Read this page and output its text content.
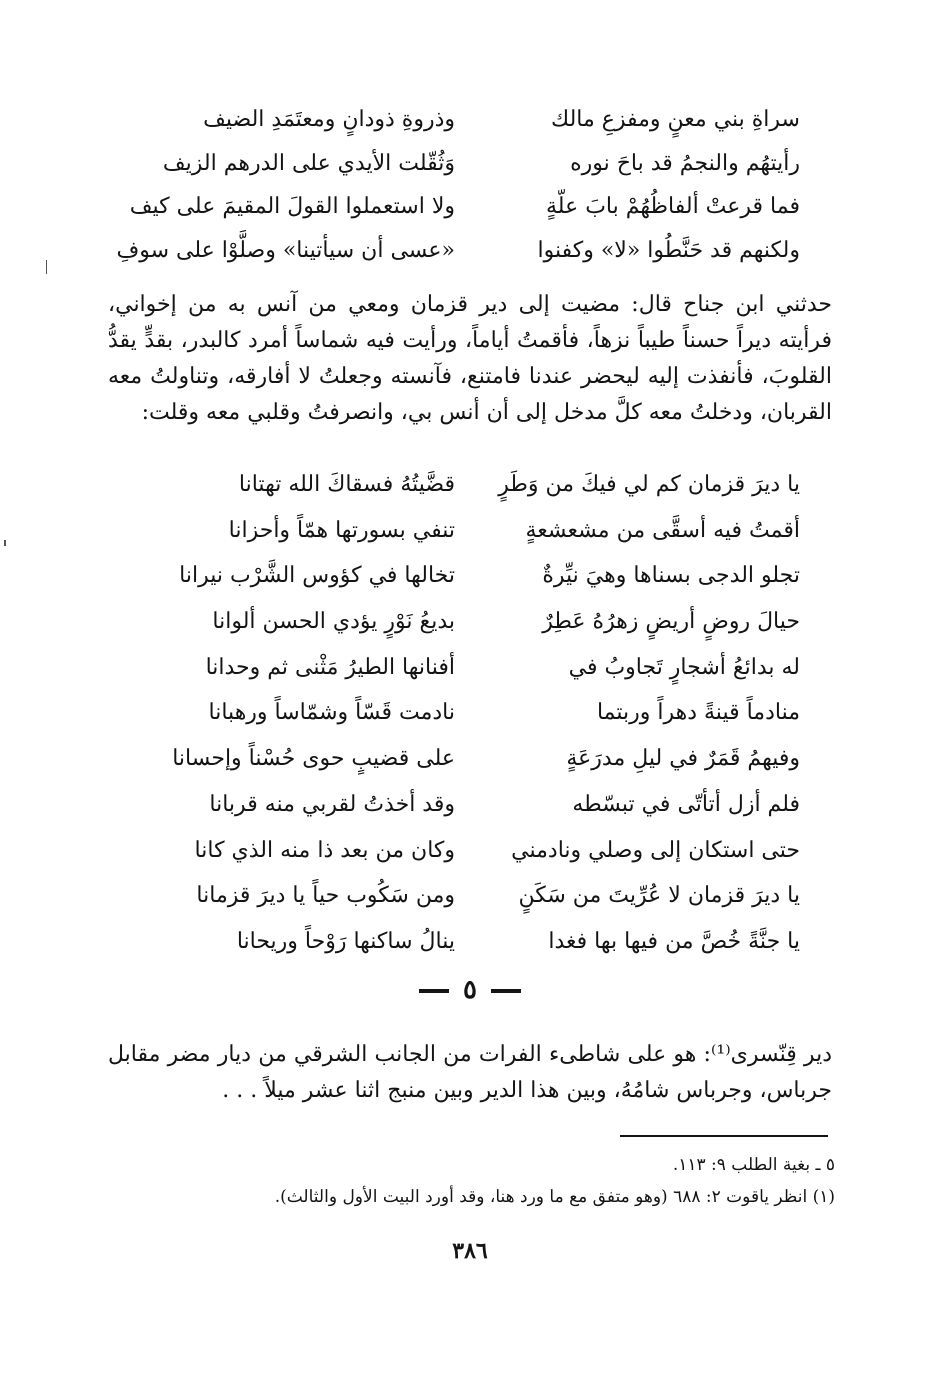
سراةِ بني معنٍ ومفزعِ مالك
وذروةِ ذودانٍ ومعتَمَدِ الضيف
رأيتهُم والنجمُ قد باحَ نوره
وَثُقّلت الأيدي على الدرهم الزيف
فما قرعتْ ألفاظُهُمْ بابَ علّةٍ
ولا استعملوا القولَ المقيمَ على كيف
ولكنهم قد حَنَّطُوا «لا» وكفنوا
«عسى أن سيأتينا» وصلَّوْا على سوفِ

حدثني ابن جناح قال: مضيت إلى دير قزمان ومعي من آنس به من إخواني، فرأيته ديراً حسناً طيباً نزهاً، فأقمتُ أياماً، ورأيت فيه شماساً أمرد كالبدر، بقدٍّ يقدُّ القلوبَ، فأنفذت إليه ليحضر عندنا فامتنع، فآنسته وجعلتُ لا أفارقه، وتناولتُ معه القربان، ودخلتُ معه كلَّ مدخل إلى أن أنس بي، وانصرفتُ وقلبي معه وقلت:

يا ديرَ قزمان كم لي فيكَ من وَطَرٍ
قضَّيتُهُ فسقاكَ الله تهتانا
أقمتُ فيه أسقَّى من مشعشعةٍ
تنفي بسورتها همّاً وأحزانا
تجلو الدجى بسناها وهيَ نيِّرةٌ
تخالها في كؤوس الشَّرْب نيرانا
حيالَ روضٍ أريضٍ زهرُهُ عَطِرٌ
بديعُ نَوْرٍ يؤدي الحسن ألوانا
له بدائعُ أشجارٍ تَجاوبُ في
أفنانها الطيرُ مَثْنى ثم وحدانا
منادماً قينةً دهراً وربتما
نادمت قَسّاً وشمّاساً ورهبانا
وفيهمُ قَمَرٌ في ليلِ مدرَعَةٍ
على قضيبٍ حوى حُسْناً وإحسانا
فلم أزل أتأتّى في تبسّطه
وقد أخذتُ لقربي منه قربانا
حتى استكان إلى وصلي ونادمني
وكان من بعد ذا منه الذي كانا
يا ديرَ قزمان لا عُرِّيتَ من سَكَنٍ
ومن سَكُوب حياً يا ديرَ قزمانا
يا جنَّةً خُصَّ من فيها بها فغدا
ينالُ ساكنها رَوْحاً وريحانا
٥

دير قِنّسرى⁽¹⁾: هو على شاطىء الفرات من الجانب الشرقي من ديار مضر مقابل جرباس، وجرباس شامُهُ، وبين هذا الدير وبين منبج اثنا عشر ميلاً . . .

٥ ـ بغية الطلب ٩: ١١٣.
(١) انظر ياقوت ٢: ٦٨٨ (وهو متفق مع ما ورد هنا، وقد أورد البيت الأول والثالث).
٣٨٦
